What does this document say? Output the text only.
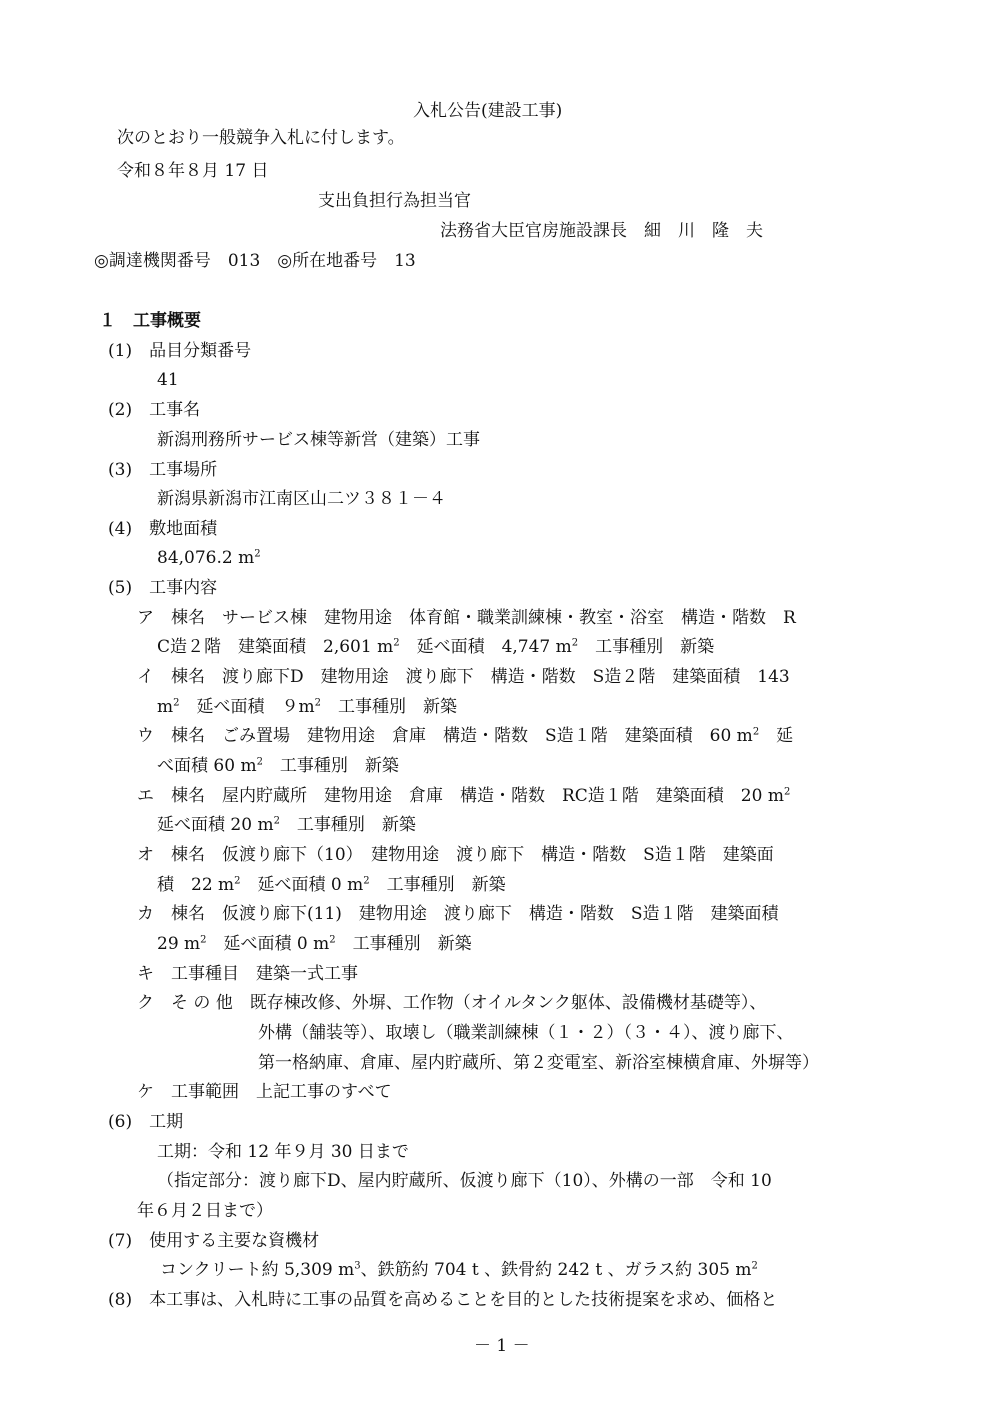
入札公告(建設工事)
次のとおり一般競争入札に付します。
令和８年８月 17 日
支出負担行為担当官
法務省大臣官房施設課長　細　川　隆　夫
◎調達機関番号　013　◎所在地番号　13
１　工事概要
(1)　品目分類番号
41
(2)　工事名
新潟刑務所サービス棟等新営（建築）工事
(3)　工事場所
新潟県新潟市江南区山二ツ３８１－４
(4)　敷地面積
84,076.2 $m^2$
(5)　工事内容
ア　棟名　サービス棟　建物用途　体育館・職業訓練棟・教室・浴室　構造・階数　R
C造２階　建築面積　2,601 $m^2$　延べ面積　4,747 $m^2$　工事種別　新築
イ　棟名　渡り廊下D　建物用途　渡り廊下　構造・階数　S造２階　建築面積　143
$m^2$　延べ面積　$9m^2$　工事種別　新築
ウ　棟名　ごみ置場　建物用途　倉庫　構造・階数　S造１階　建築面積　60 $m^2$　延
べ面積 60 $m^2$　工事種別　新築
エ　棟名　屋内貯蔵所　建物用途　倉庫　構造・階数　RC造１階　建築面積　20 $m^2$
延べ面積 20 $m^2$　工事種別　新築
オ　棟名　仮渡り廊下（10）　建物用途　渡り廊下　構造・階数　S造１階　建築面
積　22 $m^2$　延べ面積 0 $m^2$　工事種別　新築
カ　棟名　仮渡り廊下(11)　建物用途　渡り廊下　構造・階数　S造１階　建築面積
29 $m^2$　延べ面積 0 $m^2$　工事種別　新築
キ　工事種目　建築一式工事
ク　そ の 他　既存棟改修、外塀、工作物（オイルタンク躯体、設備機材基礎等）、
外構（舗装等）、取壊し（職業訓練棟（１・２）（３・４）、渡り廊下、
第一格納庫、倉庫、屋内貯蔵所、第２変電室、新浴室棟横倉庫、外塀等）
ケ　工事範囲　上記工事のすべて
(6)　工期
工期：令和 12 年９月 30 日まで
（指定部分：渡り廊下D、屋内貯蔵所、仮渡り廊下（10）、外構の一部　令和 10
年６月２日まで）
(7)　使用する主要な資機材
コンクリート約 5,309 $m^3$、鉄筋約 704 t 、鉄骨約 242 t 、ガラス約 305 $m^2$
(8)　本工事は、入札時に工事の品質を高めることを目的とした技術提案を求め、価格と
－ 1 －
